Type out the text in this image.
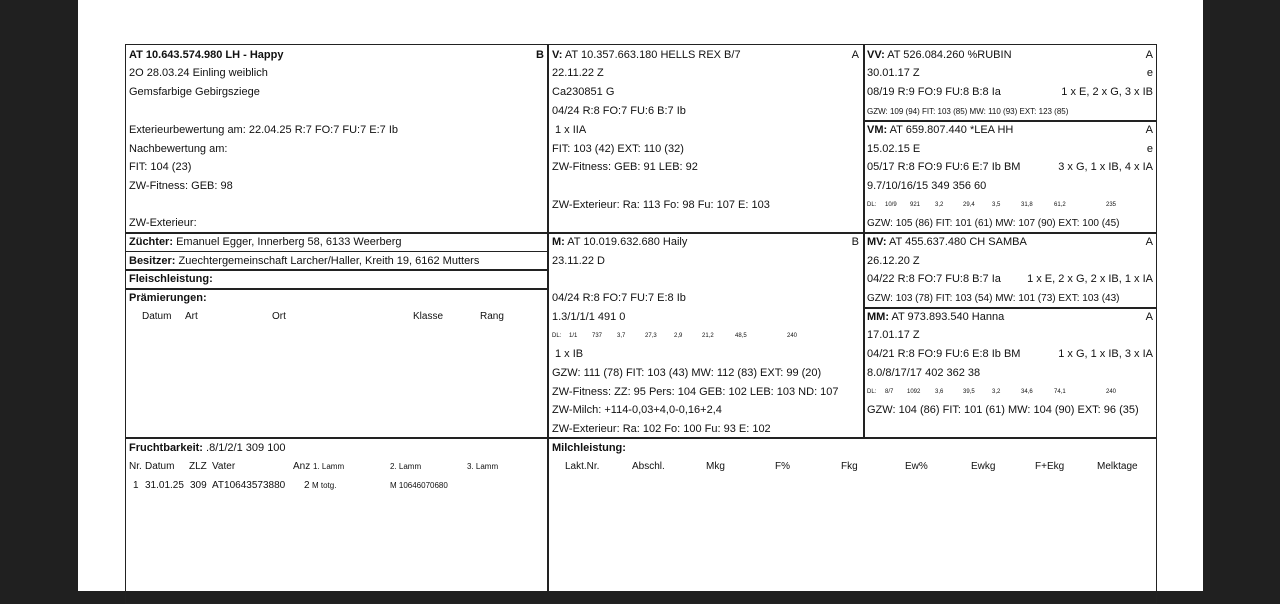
AT 10.643.574.980 LH - Happy	B
2O 28.03.24 Einling weiblich
Gemsfarbige Gebirgsziege
Exterieurbewertung am: 22.04.25 R:7 FO:7 FU:7 E:7 Ib
Nachbewertung am:
FIT: 104 (23)
ZW-Fitness: GEB: 98
ZW-Exterieur:
Züchter: Emanuel Egger, Innerberg 58, 6133 Weerberg
Besitzer: Zuechtergemeinschaft Larcher/Haller, Kreith 19, 6162 Mutters
Fleischleistung:
Prämierungen:
Datum Art	Ort	Klasse	Rang
V: AT 10.357.663.180 HELLS REX B/7	A
22.11.22 Z
Ca230851 G
04/24 R:8 FO:7 FU:6 B:7 Ib
1 x IIA
FIT: 103 (42) EXT: 110 (32)
ZW-Fitness: GEB: 91 LEB: 92
ZW-Exterieur: Ra: 113 Fo: 98 Fu: 107 E: 103
M: AT 10.019.632.680 Haily	B
23.11.22 D
04/24 R:8 FO:7 FU:7 E:8 Ib
1.3/1/1/1 491 0
DL: 1/1 737 3,7	27,3	2,9	21,2	48,5	240
1 x IB
GZW: 111 (78) FIT: 103 (43) MW: 112 (83) EXT: 99 (20)
ZW-Fitness: ZZ: 95 Pers: 104 GEB: 102 LEB: 103 ND: 107
ZW-Milch: +114-0,03+4,0-0,16+2,4
ZW-Exterieur: Ra: 102 Fo: 100 Fu: 93 E: 102
VV: AT 526.084.260 %RUBIN	A
30.01.17 Z	e
08/19 R:9 FO:9 FU:8 B:8 Ia	1 x E, 2 x G, 3 x IB
GZW: 109 (94) FIT: 103 (85) MW: 110 (93) EXT: 123 (85)
VM: AT 659.807.440 *LEA HH	A
15.02.15 E	e
05/17 R:8 FO:9 FU:6 E:7 Ib BM	3 x G, 1 x IB, 4 x IA
9.7/10/16/15 349 356 60
DL: 10/9 921 3,2	29,4	3,5	31,8	61,2	235
GZW: 105 (86) FIT: 101 (61) MW: 107 (90) EXT: 100 (45)
MV: AT 455.637.480 CH SAMBA	A
26.12.20 Z
04/22 R:8 FO:7 FU:8 B:7 Ia	1 x E, 2 x G, 2 x IB, 1 x IA
GZW: 103 (78) FIT: 103 (54) MW: 101 (73) EXT: 103 (43)
MM: AT 973.893.540 Hanna	A
17.01.17 Z
04/21 R:8 FO:9 FU:6 E:8 Ib BM	1 x G, 1 x IB, 3 x IA
8.0/8/17/17 402 362 38
DL: 8/7 1092 3,6	39,5	3,2	34,6	74,1	240
GZW: 104 (86) FIT: 101 (61) MW: 104 (90) EXT: 96 (35)
Fruchtbarkeit: .8/1/2/1 309 100
Nr. Datum ZLZ Vater	Anz 1. Lamm	2. Lamm	3. Lamm
1 31.01.25 309 AT10643573880 2 M totg.	M 10646070680
Milchleistung:
Lakt.Nr.	Abschl.	Mkg	F%	Fkg	Ew%	Ewkg	F+Ekg	Melktage
